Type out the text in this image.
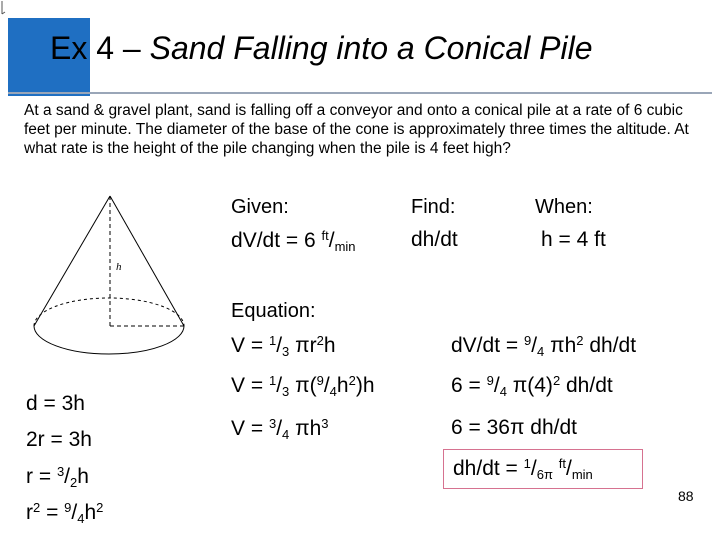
Ex 4 – Sand Falling into a Conical Pile
At a sand & gravel plant, sand is falling off a conveyor and onto a conical pile at a rate of 6 cubic feet per minute. The diameter of the base of the cone is approximately three times the altitude. At what rate is the height of the pile changing when the pile is 4 feet high?
h
Given:	Find:	When:
dV/dt = 6 $^{ft}/_{min}$	dh/dt	h = 4 ft
Equation:
$V = ^1/_3$ $\pi r^2h$
$V = ^1/_3$ $\pi(^9/_4h^2)h$
$V = ^3/_4$ $\pi h^3$
$dV/dt = ^9/_4$ $\pi h^2$ dh/dt
$6 = ^9/_4$ $\pi(4)^2$ dh/dt
6 = 36π dh/dt
$dh/dt = ^1/_{6\pi}$ $^{ft}/_{min}$
d = 3h
2r = 3h
$r = ^3/_2h$
$r^2 = ^9/_4h^2$
88
